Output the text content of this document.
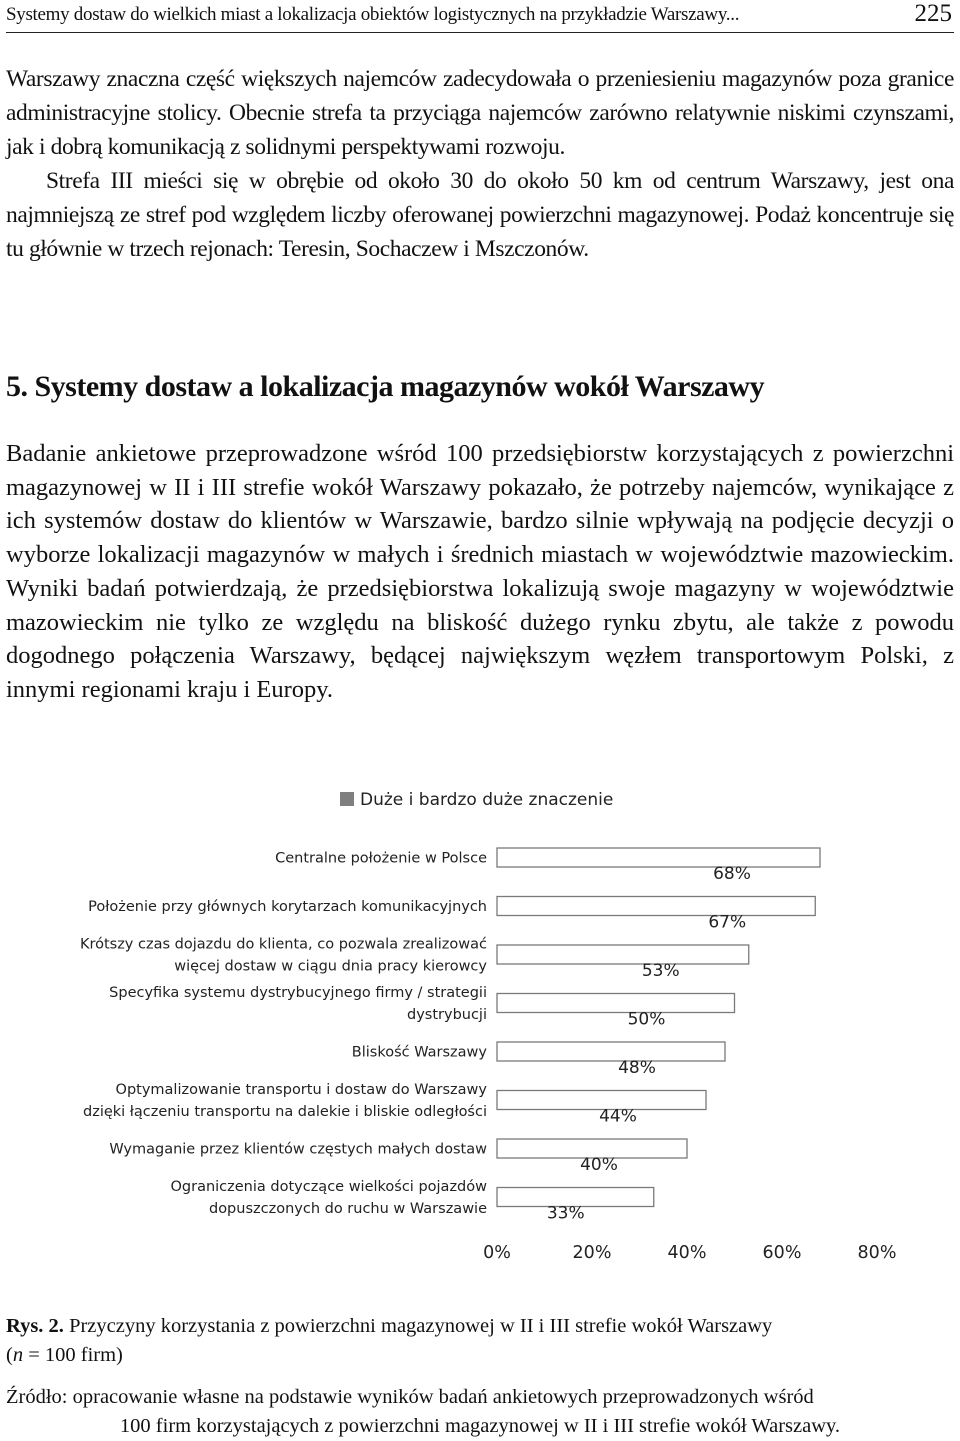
Systemy dostaw do wielkich miast a lokalizacja obiektów logistycznych na przykładzie Warszawy...	225

Warszawy znaczna część większych najemców zadecydowała o przeniesieniu magazynów poza granice administracyjne stolicy. Obecnie strefa ta przyciąga najemców zarówno relatywnie niskimi czynszami, jak i dobrą komunikacją z solidnymi perspektywami rozwoju.

Strefa III mieści się w obrębie od około 30 do około 50 km od centrum Warszawy, jest ona najmniejszą ze stref pod względem liczby oferowanej powierzchni magazynowej. Podaż koncentruje się tu głównie w trzech rejonach: Teresin, Sochaczew i Mszczonów.

5. Systemy dostaw a lokalizacja magazynów wokół Warszawy

Badanie ankietowe przeprowadzone wśród 100 przedsiębiorstw korzystających z powierzchni magazynowej w II i III strefie wokół Warszawy pokazało, że potrzeby najemców, wynikające z ich systemów dostaw do klientów w Warszawie, bardzo silnie wpływają na podjęcie decyzji o wyborze lokalizacji magazynów w małych i średnich miastach w województwie mazowieckim. Wyniki badań potwierdzają, że przedsiębiorstwa lokalizują swoje magazyny w województwie mazowieckim nie tylko ze względu na bliskość dużego rynku zbytu, ale także z powodu dogodnego połączenia Warszawy, będącej największym węzłem transportowym Polski, z innymi regionami kraju i Europy.

Duże i bardzo duże znaczenie
Centralne położenie w Polsce
Położenie przy głównych korytarzach komunikacyjnych
Krótszy czas dojazdu do klienta, co pozwala zrealizować
więcej dostaw w ciągu dnia pracy kierowcy
Specyfika systemu dystrybucyjnego firmy / strategii
dystrybucji
Bliskość Warszawy
Optymalizowanie transportu i dostaw do Warszawy
dzięki łączeniu transportu na dalekie i bliskie odległości
Wymaganie przez klientów częstych małych dostaw
Ograniczenia dotyczące wielkości pojazdów
dopuszczonych do ruchu w Warszawie
68%
67%
53%
50%
48%
44%
40%
33%
0%	20%	40%	60%	80%
Rys. 2. Przyczyny korzystania z powierzchni magazynowej w II i III strefie wokół Warszawy
(n = 100 firm)
Źródło: opracowanie własne na podstawie wyników badań ankietowych przeprowadzonych wśród
100 firm korzystających z powierzchni magazynowej w II i III strefie wokół Warszawy.
